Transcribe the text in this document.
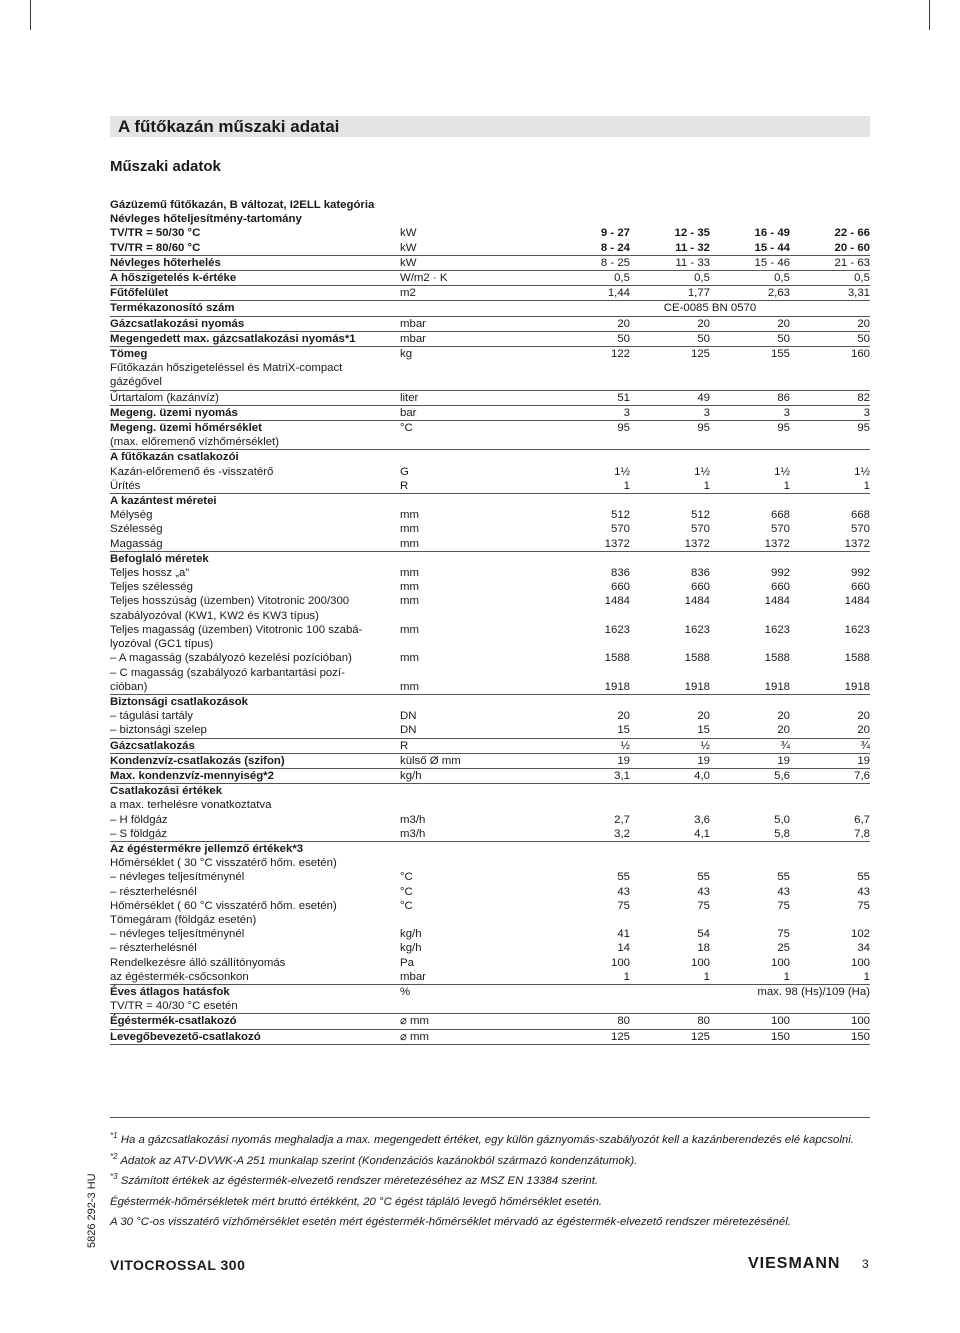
A fűtőkazán műszaki adatai
Műszaki adatok
Gázüzemű fűtőkazán, B változat, I2ELL kategória					
Névleges hőteljesítmény-tartomány					
TV/TR = 50/30 °C	kW	9 - 27	12 - 35	16 - 49	22 - 66
TV/TR = 80/60 °C	kW	8 - 24	11 - 32	15 - 44	20 - 60
Névleges hőterhelés	kW	8 - 25	11 - 33	15 - 46	21 - 63
A hőszigetelés k-értéke	W/m2 · K	0,5	0,5	0,5	0,5
Fűtőfelület	m2	1,44	1,77	2,63	3,31
Termékazonosító szám		CE-0085 BN 0570			
Gázcsatlakozási nyomás	mbar	20	20	20	20
Megengedett max. gázcsatlakozási nyomás*1	mbar	50	50	50	50
Tömeg	kg	122	125	155	160
Fűtőkazán hőszigeteléssel és MatriX-compact					
gázégővel					
Űrtartalom (kazánvíz)	liter	51	49	86	82
Megeng. üzemi nyomás	bar	3	3	3	3
Megeng. üzemi hőmérséklet	°C	95	95	95	95
(max. előremenő vízhőmérséklet)					
A fűtőkazán csatlakozói					
Kazán-előremenő és -visszatérő	G	1½	1½	1½	1½
Ürítés	R	1	1	1	1
A kazántest méretei					
Mélység	mm	512	512	668	668
Szélesség	mm	570	570	570	570
Magasság	mm	1372	1372	1372	1372
Befoglaló méretek					
Teljes hossz „a”	mm	836	836	992	992
Teljes szélesség	mm	660	660	660	660
Teljes hosszúság (üzemben) Vitotronic 200/300	mm	1484	1484	1484	1484
szabályozóval (KW1, KW2 és KW3 típus)					
Teljes magasság (üzemben) Vitotronic 100 szabá-	mm	1623	1623	1623	1623
lyozóval (GC1 típus)					
– A magasság (szabályozó kezelési pozícióban)	mm	1588	1588	1588	1588
– C magasság (szabályozó karbantartási pozí-					
cióban)	mm	1918	1918	1918	1918
Biztonsági csatlakozások					
– tágulási tartály	DN	20	20	20	20
– biztonsági szelep	DN	15	15	20	20
Gázcsatlakozás	R	½	½	¾	¾
Kondenzvíz-csatlakozás (szifon)	külső Ø mm	19	19	19	19
Max. kondenzvíz-mennyiség*2	kg/h	3,1	4,0	5,6	7,6
Csatlakozási értékek					
a max. terhelésre vonatkoztatva					
– H földgáz	m3/h	2,7	3,6	5,0	6,7
– S földgáz	m3/h	3,2	4,1	5,8	7,8
Az égéstermékre jellemző értékek*3					
Hőmérséklet ( 30 °C visszatérő hőm. esetén)					
– névleges teljesítménynél	°C	55	55	55	55
– részterhelésnél	°C	43	43	43	43
Hőmérséklet ( 60 °C visszatérő hőm. esetén)	°C	75	75	75	75
Tömegáram (földgáz esetén)					
– névleges teljesítménynél	kg/h	41	54	75	102
– részterhelésnél	kg/h	14	18	25	34
Rendelkezésre álló szállítónyomás	Pa	100	100	100	100
az égéstermék-csőcsonkon	mbar	1	1	1	1
Éves átlagos hatásfok	%	max. 98 (Hs)/109 (Ha)			
TV/TR = 40/30 °C esetén					
Égéstermék-csatlakozó	⌀ mm	80	80	100	100
Levegőbevezető-csatlakozó	⌀ mm	125	125	150	150

$^{*1}$ Ha a gázcsatlakozási nyomás meghaladja a max. megengedett értéket, egy külön gáznyomás-szabályozót kell a kazánberendezés elé kapcsolni.

$^{*2}$ Adatok az ATV-DVWK-A 251 munkalap szerint (Kondenzációs kazánokból származó kondenzátumok).

$^{*3}$ Számított értékek az égéstermék-elvezető rendszer méretezéséhez az MSZ EN 13384 szerint.

Égéstermék-hőmérsékletek mért bruttó értékként, 20 °C égést tápláló levegő hőmérséklet esetén.

A 30 °C-os visszatérő vízhőmérséklet esetén mért égéstermék-hőmérséklet mérvadó az égéstermék-elvezető rendszer méretezésénél.

5826 292-3 HU
VITOCROSSAL 300	VIESMANN 3
